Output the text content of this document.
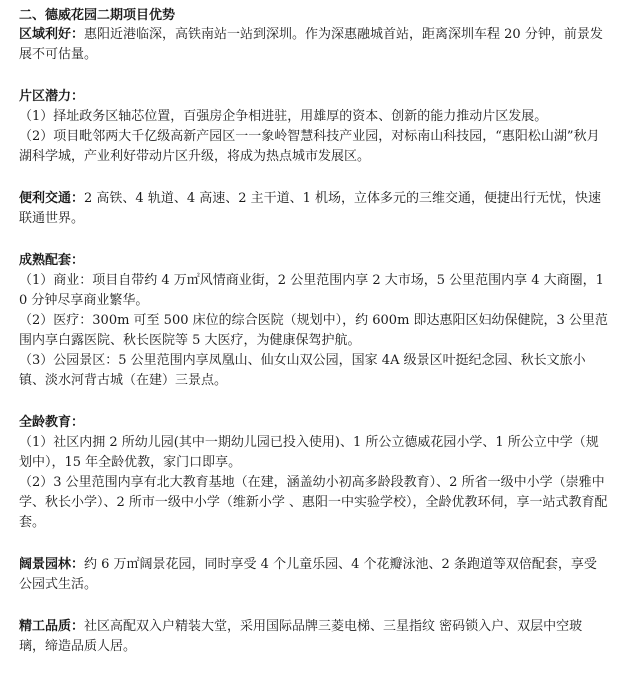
二、德威花园二期项目优势

区域利好：惠阳近港临深，高铁南站一站到深圳。作为深惠融城首站，距离深圳车程 20 分钟，前景发展不可估量。

片区潜力：

（1）择址政务区轴芯位置，百强房企争相进驻，用雄厚的资本、创新的能力推动片区发展。

（2）项目毗邻两大千亿级高新产园区一一象岭智慧科技产业园，对标南山科技园，“惠阳松山湖”秋月湖科学城，产业利好带动片区升级，将成为热点城市发展区。

便利交通：2 高铁、4 轨道、4 高速、2 主干道、1 机场，立体多元的三维交通，便捷出行无忧，快速联通世界。

成熟配套：

（1）商业：项目自带约 4 万㎡风情商业街，2 公里范围内享 2 大市场，5 公里范围内享 4 大商圈，10 分钟尽享商业繁华。

（2）医疗：300m 可至 500 床位的综合医院（规划中），约 600m 即达惠阳区妇幼保健院，3 公里范围内享白露医院、秋长医院等 5 大医疗，为健康保驾护航。

（3）公园景区：5 公里范围内享凤凰山、仙女山双公园，国家 4A 级景区叶挺纪念园、秋长文旅小镇、淡水河背古城（在建）三景点。

全龄教育：

（1）社区内拥 2 所幼儿园(其中一期幼儿园已投入使用)、1 所公立德威花园小学、1 所公立中学（规划中），15 年全龄优教，家门口即享。

（2）3 公里范围内享有北大教育基地（在建，涵盖幼小初高多龄段教育）、2 所省一级中小学（崇雅中学、秋长小学）、2 所市一级中小学（维新小学 、惠阳一中实验学校），全龄优教环伺，享一站式教育配套。

阔景园林：约 6 万㎡阔景花园，同时享受 4 个儿童乐园、4 个花瓣泳池、2 条跑道等双倍配套，享受公园式生活。

精工品质：社区高配双入户精装大堂，采用国际品牌三菱电梯、三星指纹 密码锁入户、双层中空玻璃，缔造品质人居。
